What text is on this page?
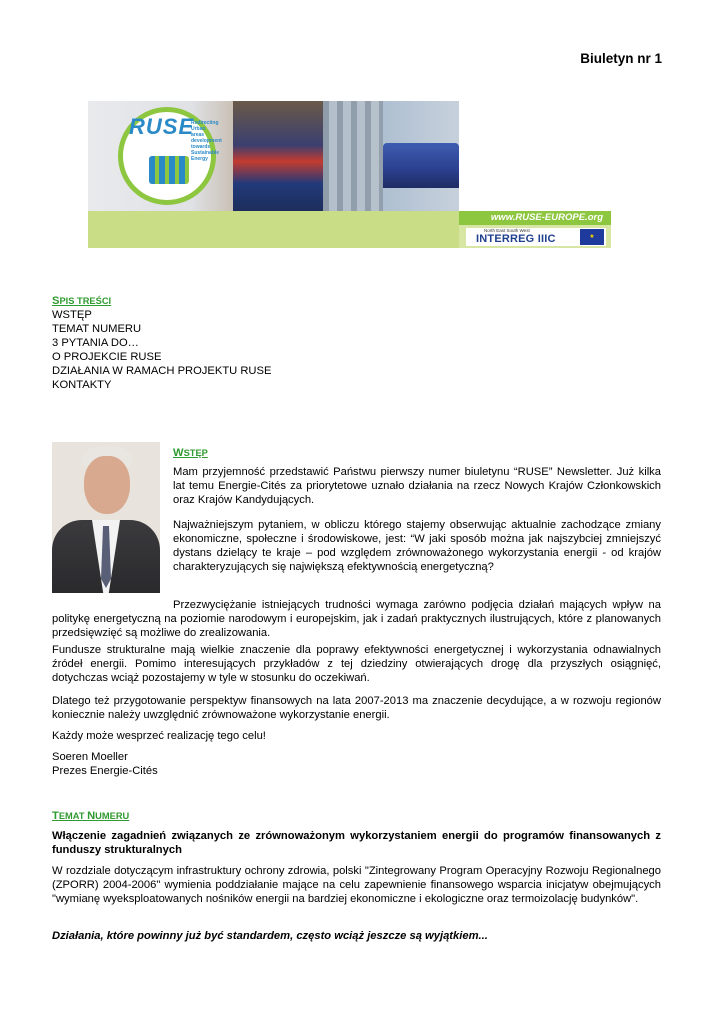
Biuletyn nr 1
RUSE
Redirecting Urban areas development towards Sustainable Energy
www.RUSE-EUROPE.org
North East South West
INTERREG IIIC	★
SPIS TREŚCI
WSTĘP
TEMAT NUMERU
3 PYTANIA DO…
O PROJEKCIE RUSE
DZIAŁANIA W RAMACH PROJEKTU RUSE
KONTAKTY
WSTĘP

Mam przyjemność przedstawić Państwu pierwszy numer biuletynu “RUSE” Newsletter. Już kilka lat temu Energie-Cités za priorytetowe uznało działania na rzecz Nowych Krajów Członkowskich oraz Krajów Kandydujących.

Najważniejszym pytaniem, w obliczu którego stajemy obserwując aktualnie zachodzące zmiany ekonomiczne, społeczne i środowiskowe, jest: “W jaki sposób można jak najszybciej zmniejszyć dystans dzielący te kraje – pod względem zrównoważonego wykorzystania energii - od krajów charakteryzujących się największą efektywnością energetyczną?

Przezwyciężanie istniejących trudności wymaga zarówno podjęcia działań mających wpływ na politykę energetyczną na poziomie narodowym i europejskim, jak i zadań praktycznych ilustrujących, które z planowanych przedsięwzięć są możliwe do zrealizowania.

Fundusze strukturalne mają wielkie znaczenie dla poprawy efektywności energetycznej i wykorzystania odnawialnych źródeł energii. Pomimo interesujących przykładów z tej dziedziny otwierających drogę dla przyszłych osiągnięć, dotychczas wciąż pozostajemy w tyle w stosunku do oczekiwań.

Dlatego też przygotowanie perspektyw finansowych na lata 2007-2013 ma znaczenie decydujące, a w rozwoju regionów koniecznie należy uwzględnić zrównoważone wykorzystanie energii.

Każdy może wesprzeć realizację tego celu!

Soeren Moeller
Prezes Energie-Cités
TEMAT NUMERU
Włączenie zagadnień związanych ze zrównoważonym wykorzystaniem energii do programów finansowanych z funduszy strukturalnych

W rozdziale dotyczącym infrastruktury ochrony zdrowia, polski "Zintegrowany Program Operacyjny Rozwoju Regionalnego (ZPORR) 2004-2006" wymienia poddziałanie mające na celu zapewnienie finansowego wsparcia inicjatyw obejmujących "wymianę wyeksploatowanych nośników energii na bardziej ekonomiczne i ekologiczne oraz termoizolację budynków".

Działania, które powinny już być standardem, często wciąż jeszcze są wyjątkiem...
